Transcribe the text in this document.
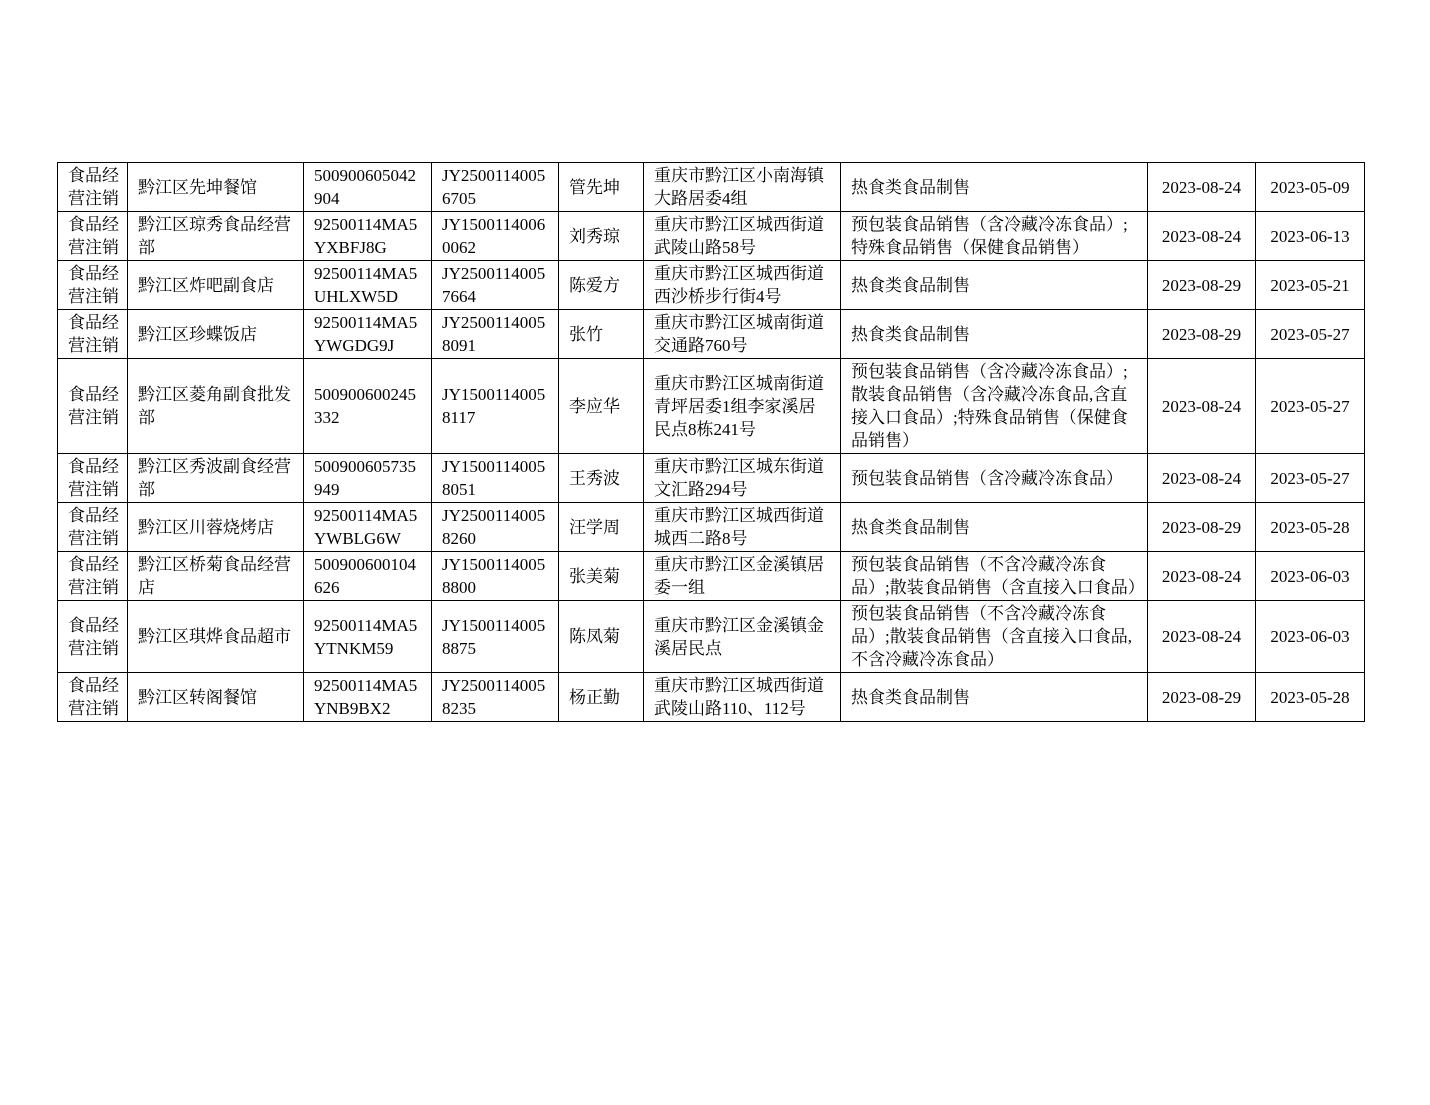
食品经营注销	黔江区先坤餐馆	500900605042904	JY25001140056705	管先坤	重庆市黔江区小南海镇大路居委4组	热食类食品制售	2023-08-24	2023-05-09
食品经营注销	黔江区琼秀食品经营部	92500114MA5YXBFJ8G	JY15001140060062	刘秀琼	重庆市黔江区城西街道武陵山路58号	预包装食品销售（含冷藏冷冻食品）;特殊食品销售（保健食品销售）	2023-08-24	2023-06-13
食品经营注销	黔江区炸吧副食店	92500114MA5UHLXW5D	JY25001140057664	陈爱方	重庆市黔江区城西街道西沙桥步行街4号	热食类食品制售	2023-08-29	2023-05-21
食品经营注销	黔江区珍蝶饭店	92500114MA5YWGDG9J	JY25001140058091	张竹	重庆市黔江区城南街道交通路760号	热食类食品制售	2023-08-29	2023-05-27
食品经营注销	黔江区菱角副食批发部	500900600245332	JY15001140058117	李应华	重庆市黔江区城南街道青坪居委1组李家溪居民点8栋241号	预包装食品销售（含冷藏冷冻食品）;散装食品销售（含冷藏冷冻食品,含直接入口食品）;特殊食品销售（保健食品销售）	2023-08-24	2023-05-27
食品经营注销	黔江区秀波副食经营部	500900605735949	JY15001140058051	王秀波	重庆市黔江区城东街道文汇路294号	预包装食品销售（含冷藏冷冻食品）	2023-08-24	2023-05-27
食品经营注销	黔江区川蓉烧烤店	92500114MA5YWBLG6W	JY25001140058260	汪学周	重庆市黔江区城西街道城西二路8号	热食类食品制售	2023-08-29	2023-05-28
食品经营注销	黔江区桥菊食品经营店	500900600104626	JY15001140058800	张美菊	重庆市黔江区金溪镇居委一组	预包装食品销售（不含冷藏冷冻食品）;散装食品销售（含直接入口食品）	2023-08-24	2023-06-03
食品经营注销	黔江区琪烨食品超市	92500114MA5YTNKM59	JY15001140058875	陈凤菊	重庆市黔江区金溪镇金溪居民点	预包装食品销售（不含冷藏冷冻食品）;散装食品销售（含直接入口食品,不含冷藏冷冻食品）	2023-08-24	2023-06-03
食品经营注销	黔江区转阁餐馆	92500114MA5YNB9BX2	JY25001140058235	杨正勤	重庆市黔江区城西街道武陵山路110、112号	热食类食品制售	2023-08-29	2023-05-28
